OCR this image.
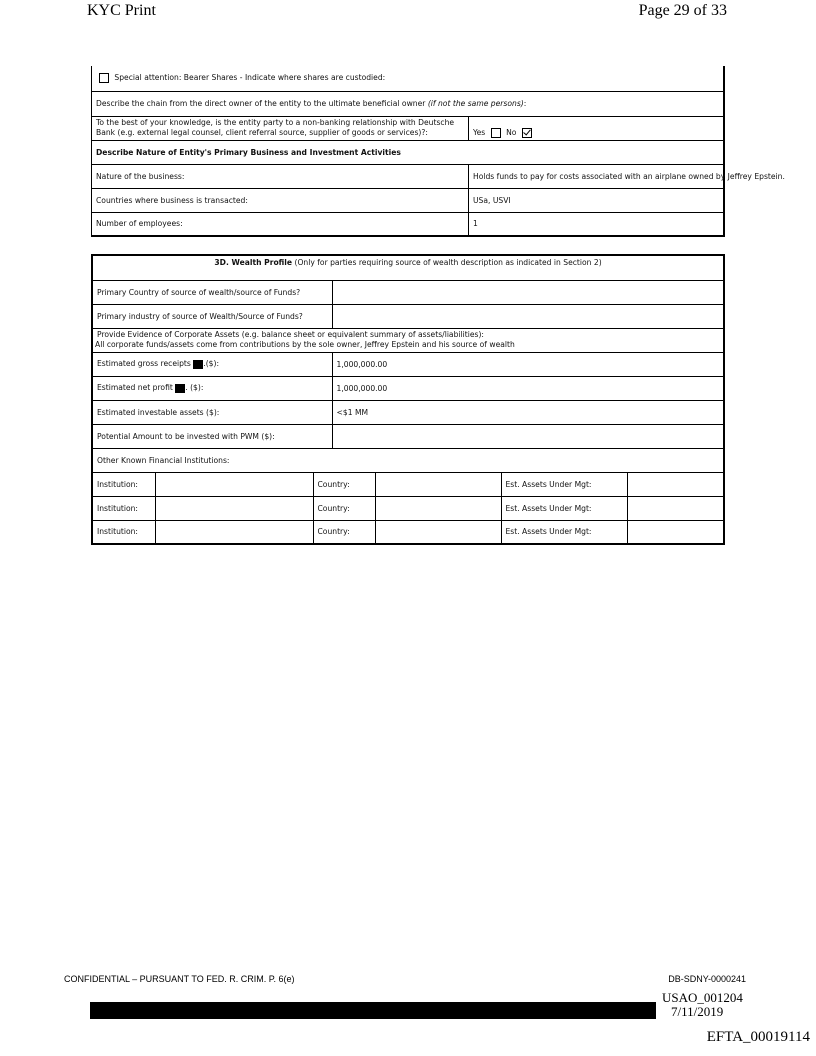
KYC Print	Page 29 of 33
Special attention: Bearer Shares - Indicate where shares are custodied:	
Describe the chain from the direct owner of the entity to the ultimate beneficial owner (if not the same persons):	

To the best of your knowledge, is the entity party to a non-banking relationship with Deutsche
Bank (e.g. external legal counsel, client referral source, supplier of goods or services)?:	Yes No
Describe Nature of Entity's Primary Business and Investment Activities	
Nature of the business:	Holds funds to pay for costs associated with an airplane owned by Jeffrey Epstein.
Countries where business is transacted:	USa, USVI
Number of employees:	1
3D. Wealth Profile (Only for parties requiring source of wealth description as indicated in Section 2)						
Primary Country of source of wealth/source of Funds?						
Primary industry of source of Wealth/Source of Funds?						

Provide Evidence of Corporate Assets (e.g. balance sheet or equivalent summary of assets/liabilities):
All corporate funds/assets come from contributions by the sole owner, Jeffrey Epstein and his source of wealth						

Estimated gross receipts .($):			1,000,000.00			
Estimated net profit . ($):			1,000,000.00			
Estimated investable assets ($):			<$1 MM			
Potential Amount to be invested with PWM ($):						
Other Known Financial Institutions:						
Institution:		Country:			Est. Assets Under Mgt:	
Institution:		Country:			Est. Assets Under Mgt:	
Institution:		Country:			Est. Assets Under Mgt:	
CONFIDENTIAL – PURSUANT TO FED. R. CRIM. P. 6(e)	DB-SDNY-0000241
USAO_001204
7/11/2019
EFTA_00019114
